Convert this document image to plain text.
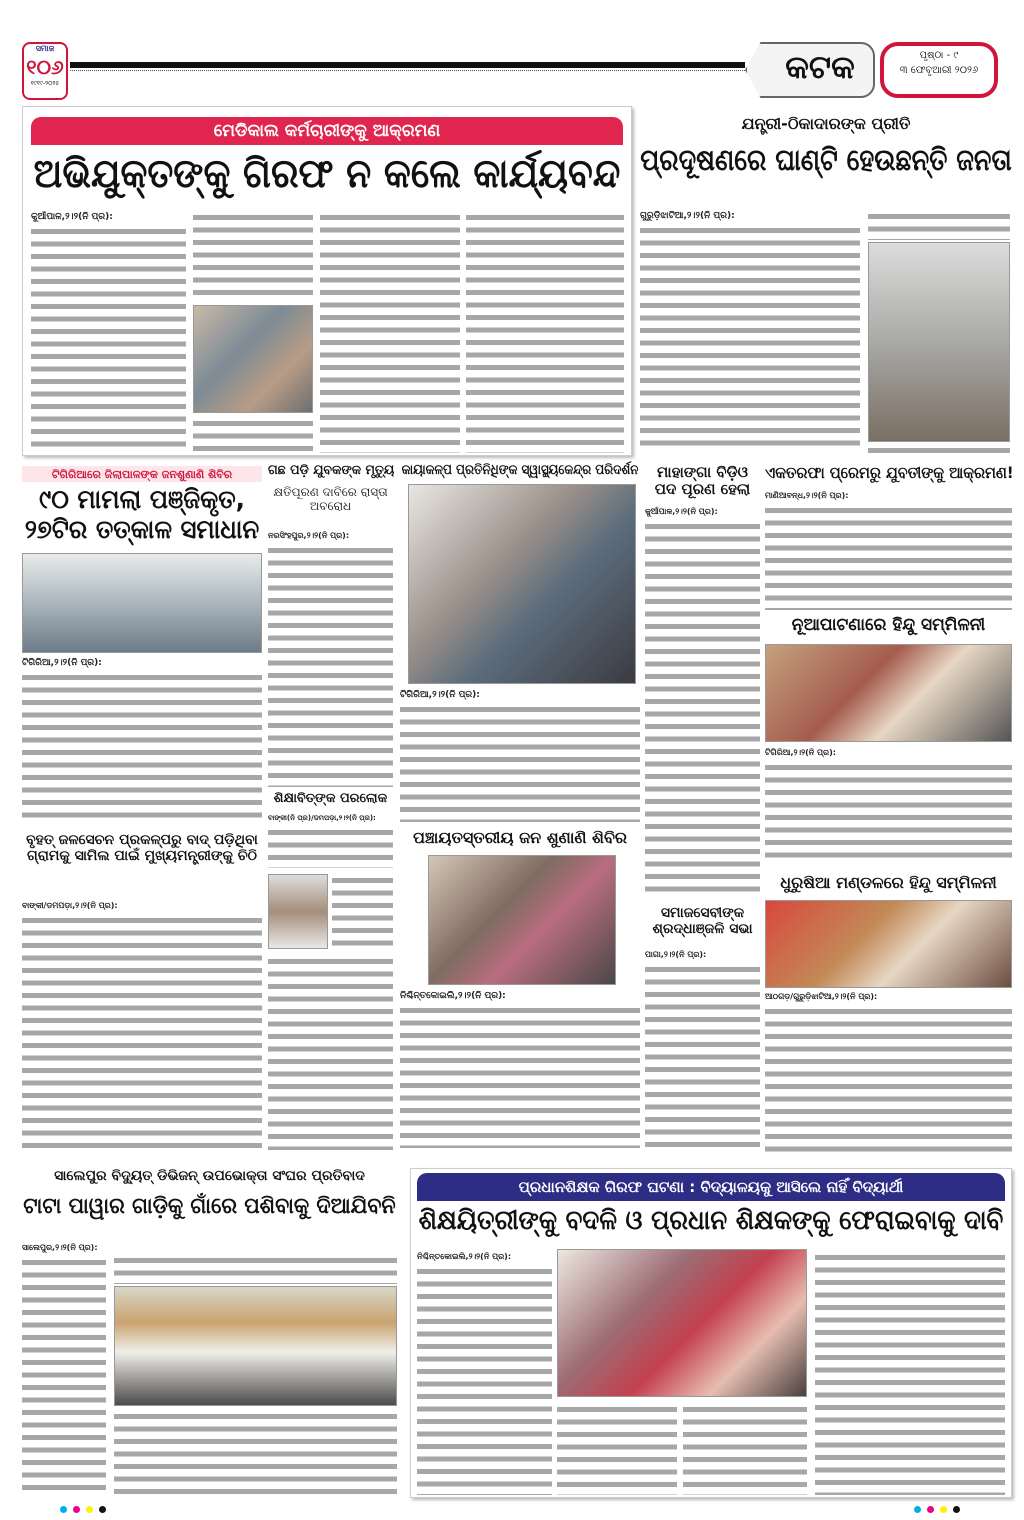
ସମାଜ
୧୦୬
୧୯୧୯-୨୦୨୫	କଟକ	ପୃଷ୍ଠା - ୯
୩ ଫେବୃଆରୀ ୨୦୨୬
ମେଡିକାଲ କର୍ମଚାରୀଙ୍କୁ ଆକ୍ରମଣ
ଅଭିଯୁକ୍ତଙ୍କୁ ଗିରଫ ନ କଲେ କାର୍ଯ୍ୟବନ୍ଦ
କୁଆଁପାଳ,୨।୨(ନି ପ୍ର):
ଯନ୍ତ୍ରୀ-ଠିକାଦାରଙ୍କ ପ୍ରୀତି
ପ୍ରଦୂଷଣରେ ଘାଣ୍ଟି ହେଉଛନ୍ତି ଜନତା
ଗୁରୁଡ଼ିଝାଟିଆ,୨।୨(ନି ପ୍ର):
ଟିଗିରିଆରେ ଜିଲାପାଳଙ୍କ ଜନଶୁଣାଣି ଶିବିର
୯୦ ମାମଲା ପଞ୍ଜିକୃତ, ୨୭ଟିର ତତ୍କାଳ ସମାଧାନ
ଟିଗିରିଆ,୨।୨(ନି ପ୍ର):
ଗଛ ପଡ଼ି ଯୁବକଙ୍କ ମୃତ୍ୟୁ
କ୍ଷତିପୂରଣ ଦାବିରେ ରାସ୍ତା ଅବରୋଧ
ନରସିଂହପୁର,୨।୨(ନି ପ୍ର):
ଶିକ୍ଷାବିତ୍ଙ୍କ ପରଲୋକ
ବାଙ୍କୀ(ନି ପ୍ର)/ଡମପଡ଼ା,୨।୨(ନି ପ୍ର):
କାୟାକଳ୍ପ ପ୍ରତିନିଧିଙ୍କ ସ୍ୱାସ୍ଥ୍ୟକେନ୍ଦ୍ର ପରିଦର୍ଶନ
ଟିଗିରିଆ,୨।୨(ନି ପ୍ର):
ପଞ୍ଚାୟତସ୍ତରୀୟ ଜନ ଶୁଣାଣି ଶିବିର
ନିଶ୍ଚିନ୍ତକୋଇଲି,୨।୨(ନି ପ୍ର):
ମାହାଙ୍ଗା ବିଡ଼ିଓ ପଦ ପୂରଣ ହେଲା
କୁଆଁପାଳ,୨।୨(ନି ପ୍ର):
ସମାଜସେବୀଙ୍କ ଶ୍ରଦ୍ଧାଞ୍ଜଳି ସଭା
ପାଗା,୨।୨(ନି ପ୍ର):
ଏକତରଫା ପ୍ରେମରୁ ଯୁବତୀଙ୍କୁ ଆକ୍ରମଣ!
ମାଣିଆବନ୍ଧ,୨।୨(ନି ପ୍ର):
ନୂଆପାଟଣାରେ ହିନ୍ଦୁ ସମ୍ମିଳନୀ
ଟିଗିରିଆ,୨।୨(ନି ପ୍ର):
ଧୁରୁଷିଆ ମଣ୍ଡଳରେ ହିନ୍ଦୁ ସମ୍ମିଳନୀ
ଆଠଗଡ଼/ଗୁରୁଡ଼ିଝାଟିଆ,୨।୨(ନି ପ୍ର):
ବୃହତ୍ ଜଳସେଚନ ପ୍ରକଳ୍ପରୁ ବାଦ୍ ପଡ଼ିଥିବା ଗ୍ରାମକୁ ସାମିଲ ପାଇଁ ମୁଖ୍ୟମନ୍ତ୍ରୀଙ୍କୁ ଚିଠି
ବାଙ୍କୀ/ଡମପଡ଼ା,୨।୨(ନି ପ୍ର):
ସାଲେପୁର ବିଦ୍ୟୁତ୍ ଡିଭିଜନ୍ ଉପଭୋକ୍ତା ସଂଘର ପ୍ରତିବାଦ
ଟାଟା ପାୱାର ଗାଡ଼ିକୁ ଗାଁରେ ପଶିବାକୁ ଦିଆଯିବନି
ସାଲେପୁର,୨।୨(ନି ପ୍ର):
ପ୍ରଧାନଶିକ୍ଷକ ଗିରଫ ଘଟଣା : ବିଦ୍ୟାଳୟକୁ ଆସିଲେ ନାହିଁ ବିଦ୍ୟାର୍ଥୀ
ଶିକ୍ଷୟିତ୍ରୀଙ୍କୁ ବଦଳି ଓ ପ୍ରଧାନ ଶିକ୍ଷକଙ୍କୁ ଫେରାଇବାକୁ ଦାବି
ନିଶ୍ଚିନ୍ତକୋଇଲି,୨।୨(ନି ପ୍ର):
